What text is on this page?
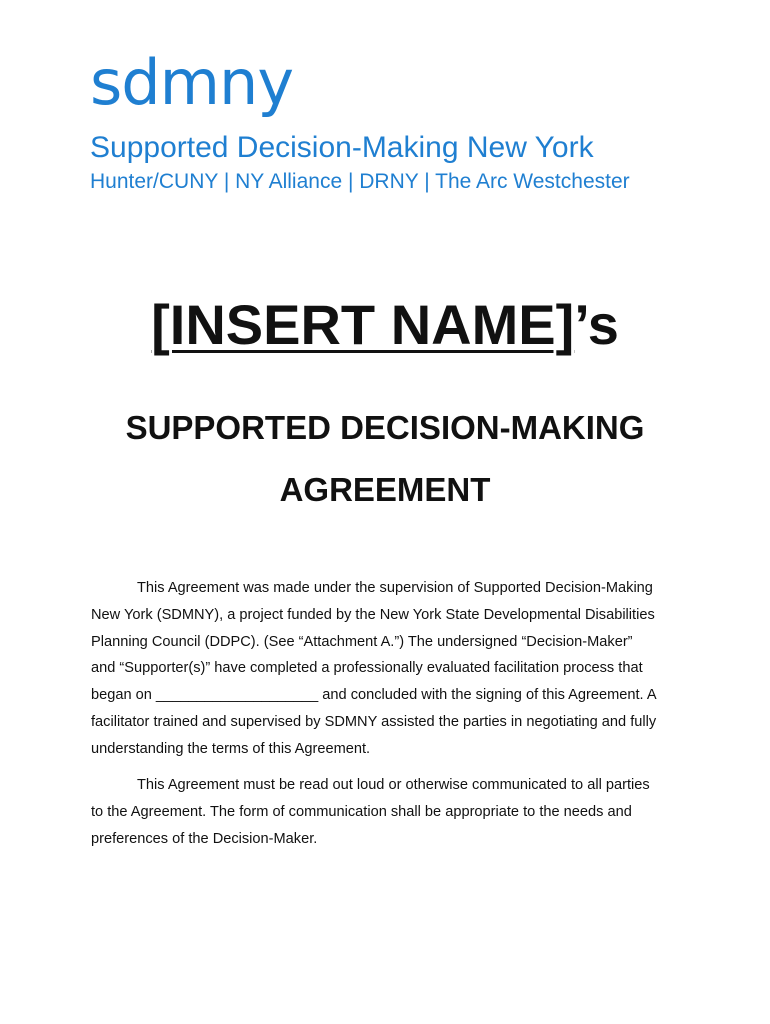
sdmny
Supported Decision-Making New York
Hunter/CUNY | NY Alliance | DRNY | The Arc Westchester
[INSERT NAME]’s
SUPPORTED DECISION-MAKING
AGREEMENT
This Agreement was made under the supervision of Supported Decision-Making
New York (SDMNY), a project funded by the New York State Developmental Disabilities
Planning Council (DDPC). (See “Attachment A.”) The undersigned “Decision-Maker”
and “Supporter(s)” have completed a professionally evaluated facilitation process that
began on ____________________ and concluded with the signing of this Agreement. A
facilitator trained and supervised by SDMNY assisted the parties in negotiating and fully
understanding the terms of this Agreement.
This Agreement must be read out loud or otherwise communicated to all parties
to the Agreement. The form of communication shall be appropriate to the needs and
preferences of the Decision-Maker.
